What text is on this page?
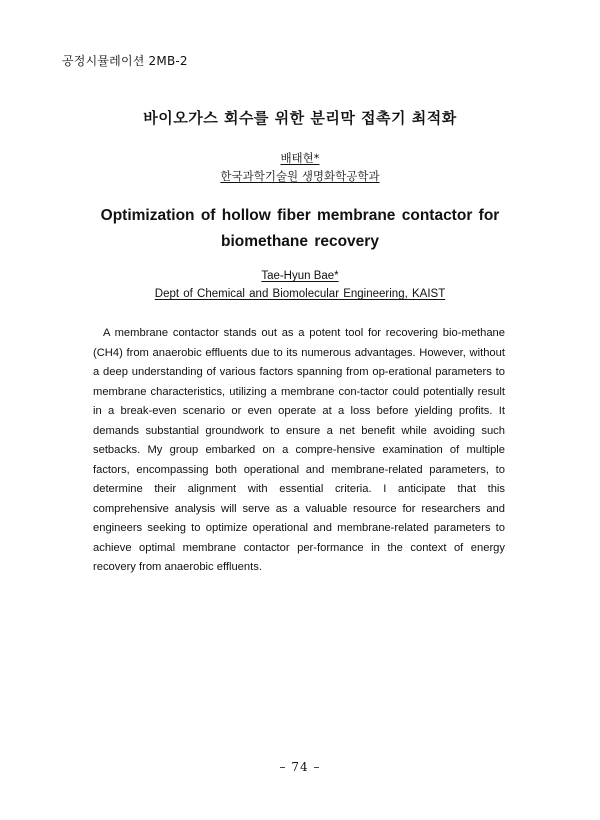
공정시뮬레이션 2MB-2
바이오가스 회수를 위한 분리막 접촉기 최적화
배태현*
한국과학기술원 생명화학공학과
Optimization of hollow fiber membrane contactor for biomethane recovery
Tae-Hyun Bae*
Dept of Chemical and Biomolecular Engineering, KAIST

A membrane contactor stands out as a potent tool for recovering bio-methane (CH4) from anaerobic effluents due to its numerous advantages. However, without a deep understanding of various factors spanning from op-erational parameters to membrane characteristics, utilizing a membrane con-tactor could potentially result in a break-even scenario or even operate at a loss before yielding profits. It demands substantial groundwork to ensure a net benefit while avoiding such setbacks. My group embarked on a compre-hensive examination of multiple factors, encompassing both operational and membrane-related parameters, to determine their alignment with essential criteria. I anticipate that this comprehensive analysis will serve as a valuable resource for researchers and engineers seeking to optimize operational and membrane-related parameters to achieve optimal membrane contactor per-formance in the context of energy recovery from anaerobic effluents.

– 74 –
